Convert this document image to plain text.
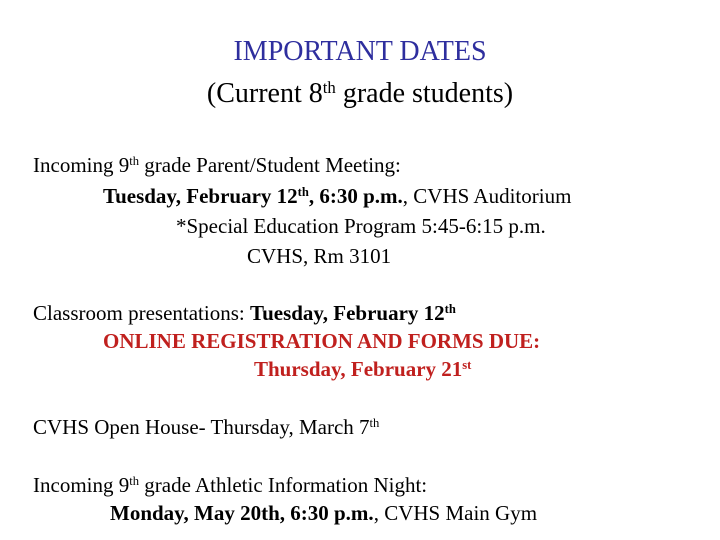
IMPORTANT DATES
(Current 8th grade students)
Incoming 9th grade Parent/Student Meeting:
Tuesday, February 12th, 6:30 p.m., CVHS Auditorium
*Special Education Program 5:45-6:15 p.m.
CVHS, Rm 3101
Classroom presentations: Tuesday, February 12th
ONLINE REGISTRATION AND FORMS DUE:
Thursday, February 21st
CVHS Open House- Thursday, March 7th
Incoming 9th grade Athletic Information Night:
Monday, May 20th, 6:30 p.m., CVHS Main Gym
